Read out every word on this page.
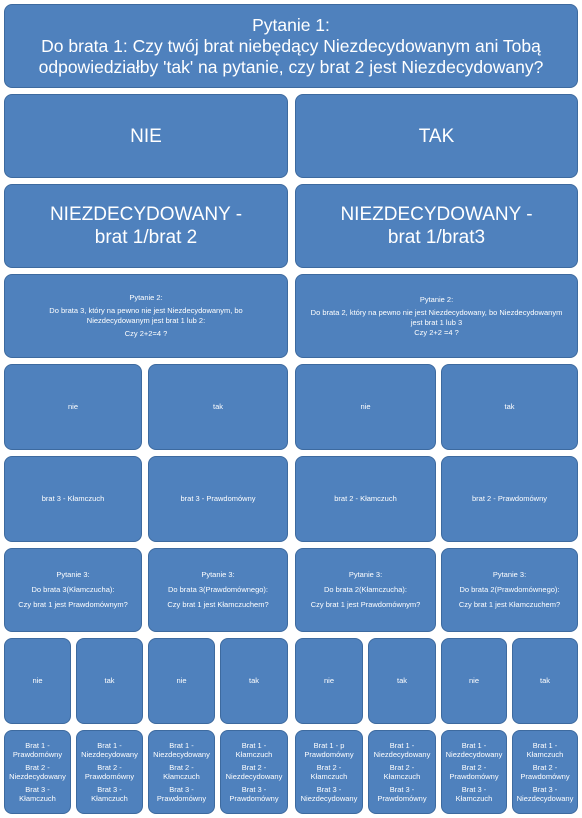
Pytanie 1:
Do brata 1: Czy twój brat niebędący Niezdecydowanym ani Tobą
odpowiedziałby 'tak' na pytanie, czy brat 2 jest Niezdecydowany?
NIE
NIEZDECYDOWANY -
brat 1/brat 2
Pytanie 2:
Do brata 3, który na pewno nie jest Niezdecydowanym, bo
Niezdecydowanym jest brat 1 lub 2:
Czy 2+2=4 ?
nie	tak
brat 3 - Kłamczuch	brat 3 - Prawdomówny
Pytanie 3:
Do brata 3(Kłamczucha):
Czy brat 1 jest Prawdomównym?
Pytanie 3:
Do brata 3(Prawdomównego):
Czy brat 1 jest Kłamczuchem?
nie	tak	nie	tak
Brat 1 -
Prawdomówny
Brat 2 -
Niezdecydowany
Brat 3 -
Kłamczuch
Brat 1 -
Niezdecydowany
Brat 2 -
Prawdomówny
Brat 3 -
Kłamczuch
Brat 1 -
Niezdecydowany
Brat 2 -
Kłamczuch
Brat 3 -
Prawdomówny
Brat 1 -
Kłamczuch
Brat 2 -
Niezdecydowany
Brat 3 -
Prawdomówny
TAK
NIEZDECYDOWANY -
brat 1/brat3
Pytanie 2:
Do brata 2, który na pewno nie jest Niezdecydowany, bo Niezdecydowanym
jest brat 1 lub 3
Czy 2+2 =4 ?
nie	tak
brat 2 - Kłamczuch	brat 2 - Prawdomówny
Pytanie 3:
Do brata 2(Kłamczucha):
Czy brat 1 jest Prawdomównym?
Pytanie 3:
Do brata 2(Prawdomównego):
Czy brat 1 jest Kłamczuchem?
nie	tak	nie	tak
Brat 1 - p
Prawdomówny
Brat 2 -
Kłamczuch
Brat 3 -
Niezdecydowany
Brat 1 -
Niezdecydowany
Brat 2 -
Kłamczuch
Brat 3 -
Prawdomówny
Brat 1 -
Niezdecydowany
Brat 2 -
Prawdomówny
Brat 3 -
Kłamczuch
Brat 1 -
Kłamczuch
Brat 2 -
Prawdomówny
Brat 3 -
Niezdecydowany
